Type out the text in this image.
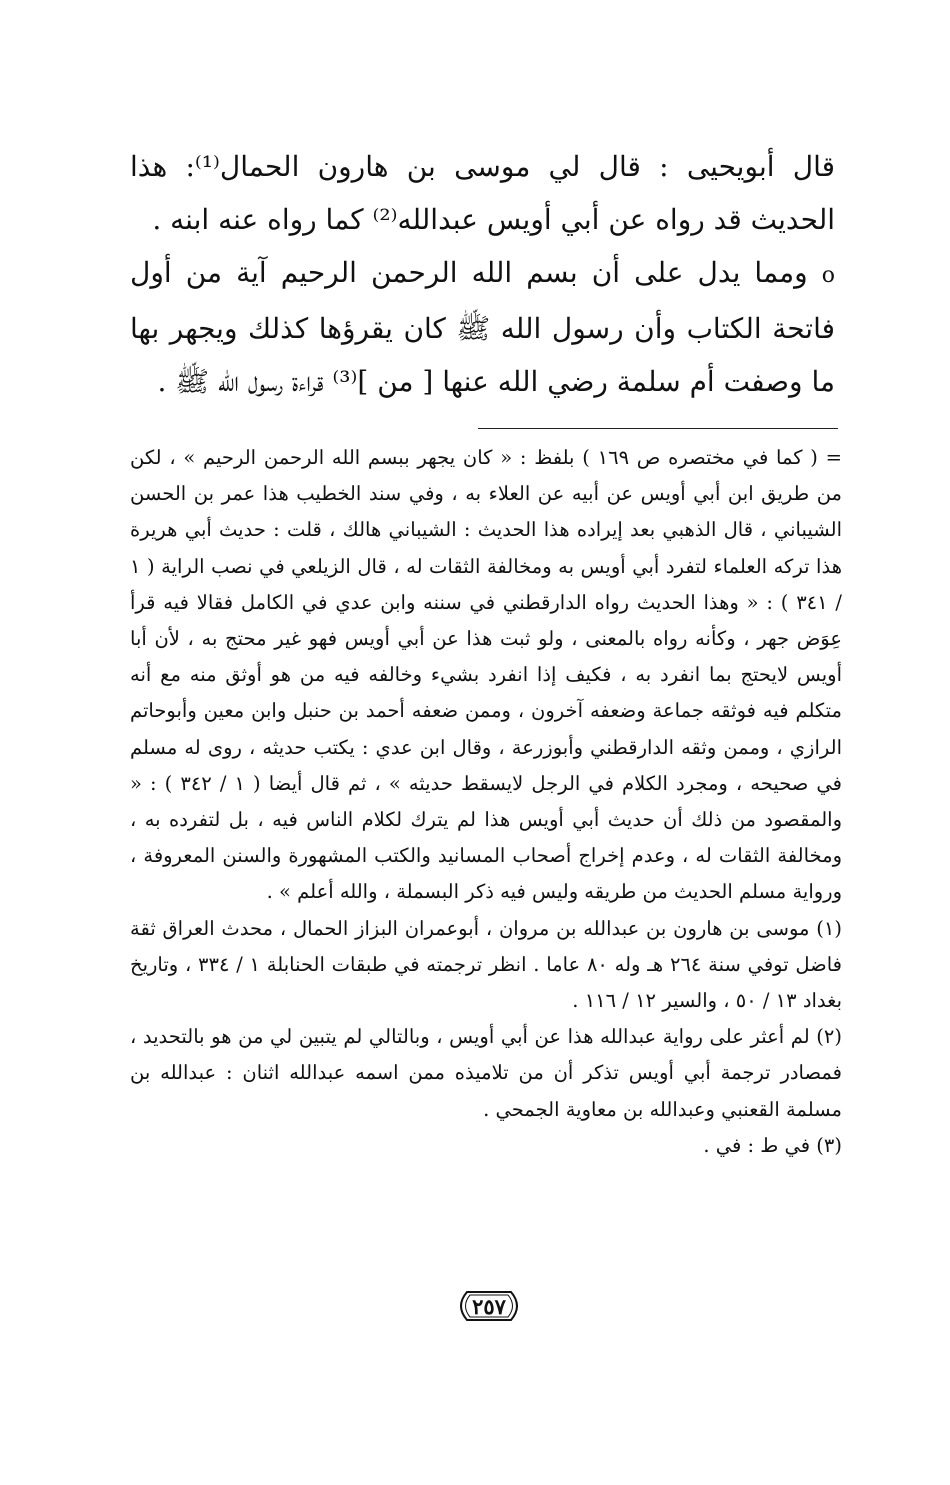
قال أبويحيى : قال لي موسى بن هارون الحمال⁽¹⁾: هذا الحديث قد رواه عن أبي أويس عبدالله⁽²⁾ كما رواه عنه ابنه .

o ومما يدل على أن بسم الله الرحمن الرحيم آية من أول فاتحة الكتاب وأن رسول الله ﷺ كان يقرؤها كذلك ويجهر بها ما وصفت أم سلمة رضي الله عنها [ من ]⁽³⁾ قراءة رسول الله ﷺ .

= ( كما في مختصره ص ١٦٩ ) بلفظ : « كان يجهر ببسم الله الرحمن الرحيم » ، لكن من طريق ابن أبي أويس عن أبيه عن العلاء به ، وفي سند الخطيب هذا عمر بن الحسن الشيباني ، قال الذهبي بعد إيراده هذا الحديث : الشيباني هالك ، قلت : حديث أبي هريرة هذا تركه العلماء لتفرد أبي أويس به ومخالفة الثقات له ، قال الزيلعي في نصب الراية ( ١ / ٣٤١ ) : « وهذا الحديث رواه الدارقطني في سننه وابن عدي في الكامل فقالا فيه قرأ عِوَض جهر ، وكأنه رواه بالمعنى ، ولو ثبت هذا عن أبي أويس فهو غير محتج به ، لأن أبا أويس لايحتج بما انفرد به ، فكيف إذا انفرد بشيء وخالفه فيه من هو أوثق منه مع أنه متكلم فيه فوثقه جماعة وضعفه آخرون ، وممن ضعفه أحمد بن حنبل وابن معين وأبوحاتم الرازي ، وممن وثقه الدارقطني وأبوزرعة ، وقال ابن عدي : يكتب حديثه ، روى له مسلم في صحيحه ، ومجرد الكلام في الرجل لايسقط حديثه » ، ثم قال أيضا ( ١ / ٣٤٢ ) : « والمقصود من ذلك أن حديث أبي أويس هذا لم يترك لكلام الناس فيه ، بل لتفرده به ، ومخالفة الثقات له ، وعدم إخراج أصحاب المسانيد والكتب المشهورة والسنن المعروفة ، ورواية مسلم الحديث من طريقه وليس فيه ذكر البسملة ، والله أعلم » .

(١) موسى بن هارون بن عبدالله بن مروان ، أبوعمران البزاز الحمال ، محدث العراق ثقة فاضل توفي سنة ٢٦٤ هـ وله ٨٠ عاما . انظر ترجمته في طبقات الحنابلة ١ / ٣٣٤ ، وتاريخ بغداد ١٣ / ٥٠ ، والسير ١٢ / ١١٦ .

(٢) لم أعثر على رواية عبدالله هذا عن أبي أويس ، وبالتالي لم يتبين لي من هو بالتحديد ، فمصادر ترجمة أبي أويس تذكر أن من تلاميذه ممن اسمه عبدالله اثنان : عبدالله بن مسلمة القعنبي وعبدالله بن معاوية الجمحي .

(٣) في ط : في .

٢٥٧
